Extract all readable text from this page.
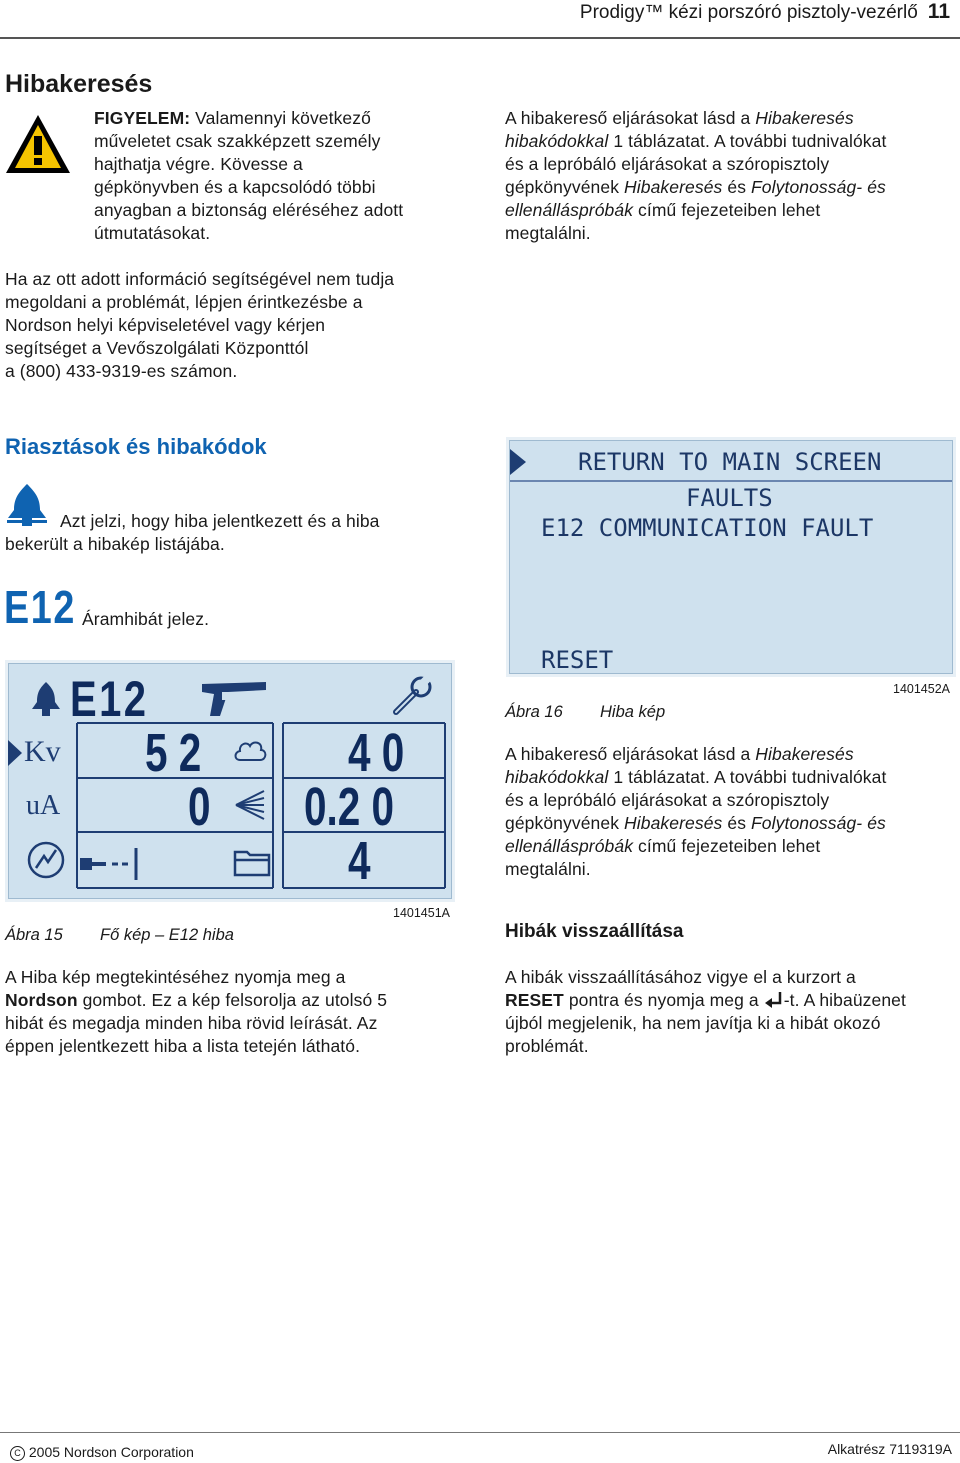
Prodigy™ kézi porszóró pisztoly-vezérlő 11
Hibakeresés
FIGYELEM: Valamennyi következő
műveletet csak szakképzett személy
hajthatja végre. Kövesse a
gépkönyvben és a kapcsolódó többi
anyagban a biztonság eléréséhez adott
útmutatásokat.
Ha az ott adott információ segítségével nem tudja
megoldani a problémát, lépjen érintkezésbe a
Nordson helyi képviseletével vagy kérjen
segítséget a Vevőszolgálati Központtól
a (800) 433-9319-es számon.
A hibakereső eljárásokat lásd a Hibakeresés
hibakódokkal 1 táblázatat. A további tudnivalókat
és a lepróbáló eljárásokat a szóropisztoly
gépkönyvének Hibakeresés és Folytonosság- és
ellenálláspróbák című fejezeteiben lehet
megtalálni.
Riasztások és hibakódok
Azt jelzi, hogy hiba jelentkezett és a hiba
bekerült a hibakép listájába.
E12 Áramhibát jelez.
E12
Kv
uA
5 2
0
4 0
0.2 0
4
1401451A
Ábra 15 Fő kép – E12 hiba
RETURN TO MAIN SCREEN
FAULTS
E12 COMMUNICATION FAULT
RESET
1401452A
Ábra 16 Hiba kép
A hibakereső eljárásokat lásd a Hibakeresés
hibakódokkal 1 táblázatat. A további tudnivalókat
és a lepróbáló eljárásokat a szóropisztoly
gépkönyvének Hibakeresés és Folytonosság- és
ellenálláspróbák című fejezeteiben lehet
megtalálni.
A Hiba kép megtekintéséhez nyomja meg a
Nordson gombot. Ez a kép felsorolja az utolsó 5
hibát és megadja minden hiba rövid leírását. Az
éppen jelentkezett hiba a lista tetején látható.
Hibák visszaállítása
A hibák visszaállításához vigye el a kurzort a
RESET pontra és nyomja meg a -t. A hibaüzenet
újból megjelenik, ha nem javítja ki a hibát okozó
problémát.
C 2005 Nordson Corporation	Alkatrész 7119319A
